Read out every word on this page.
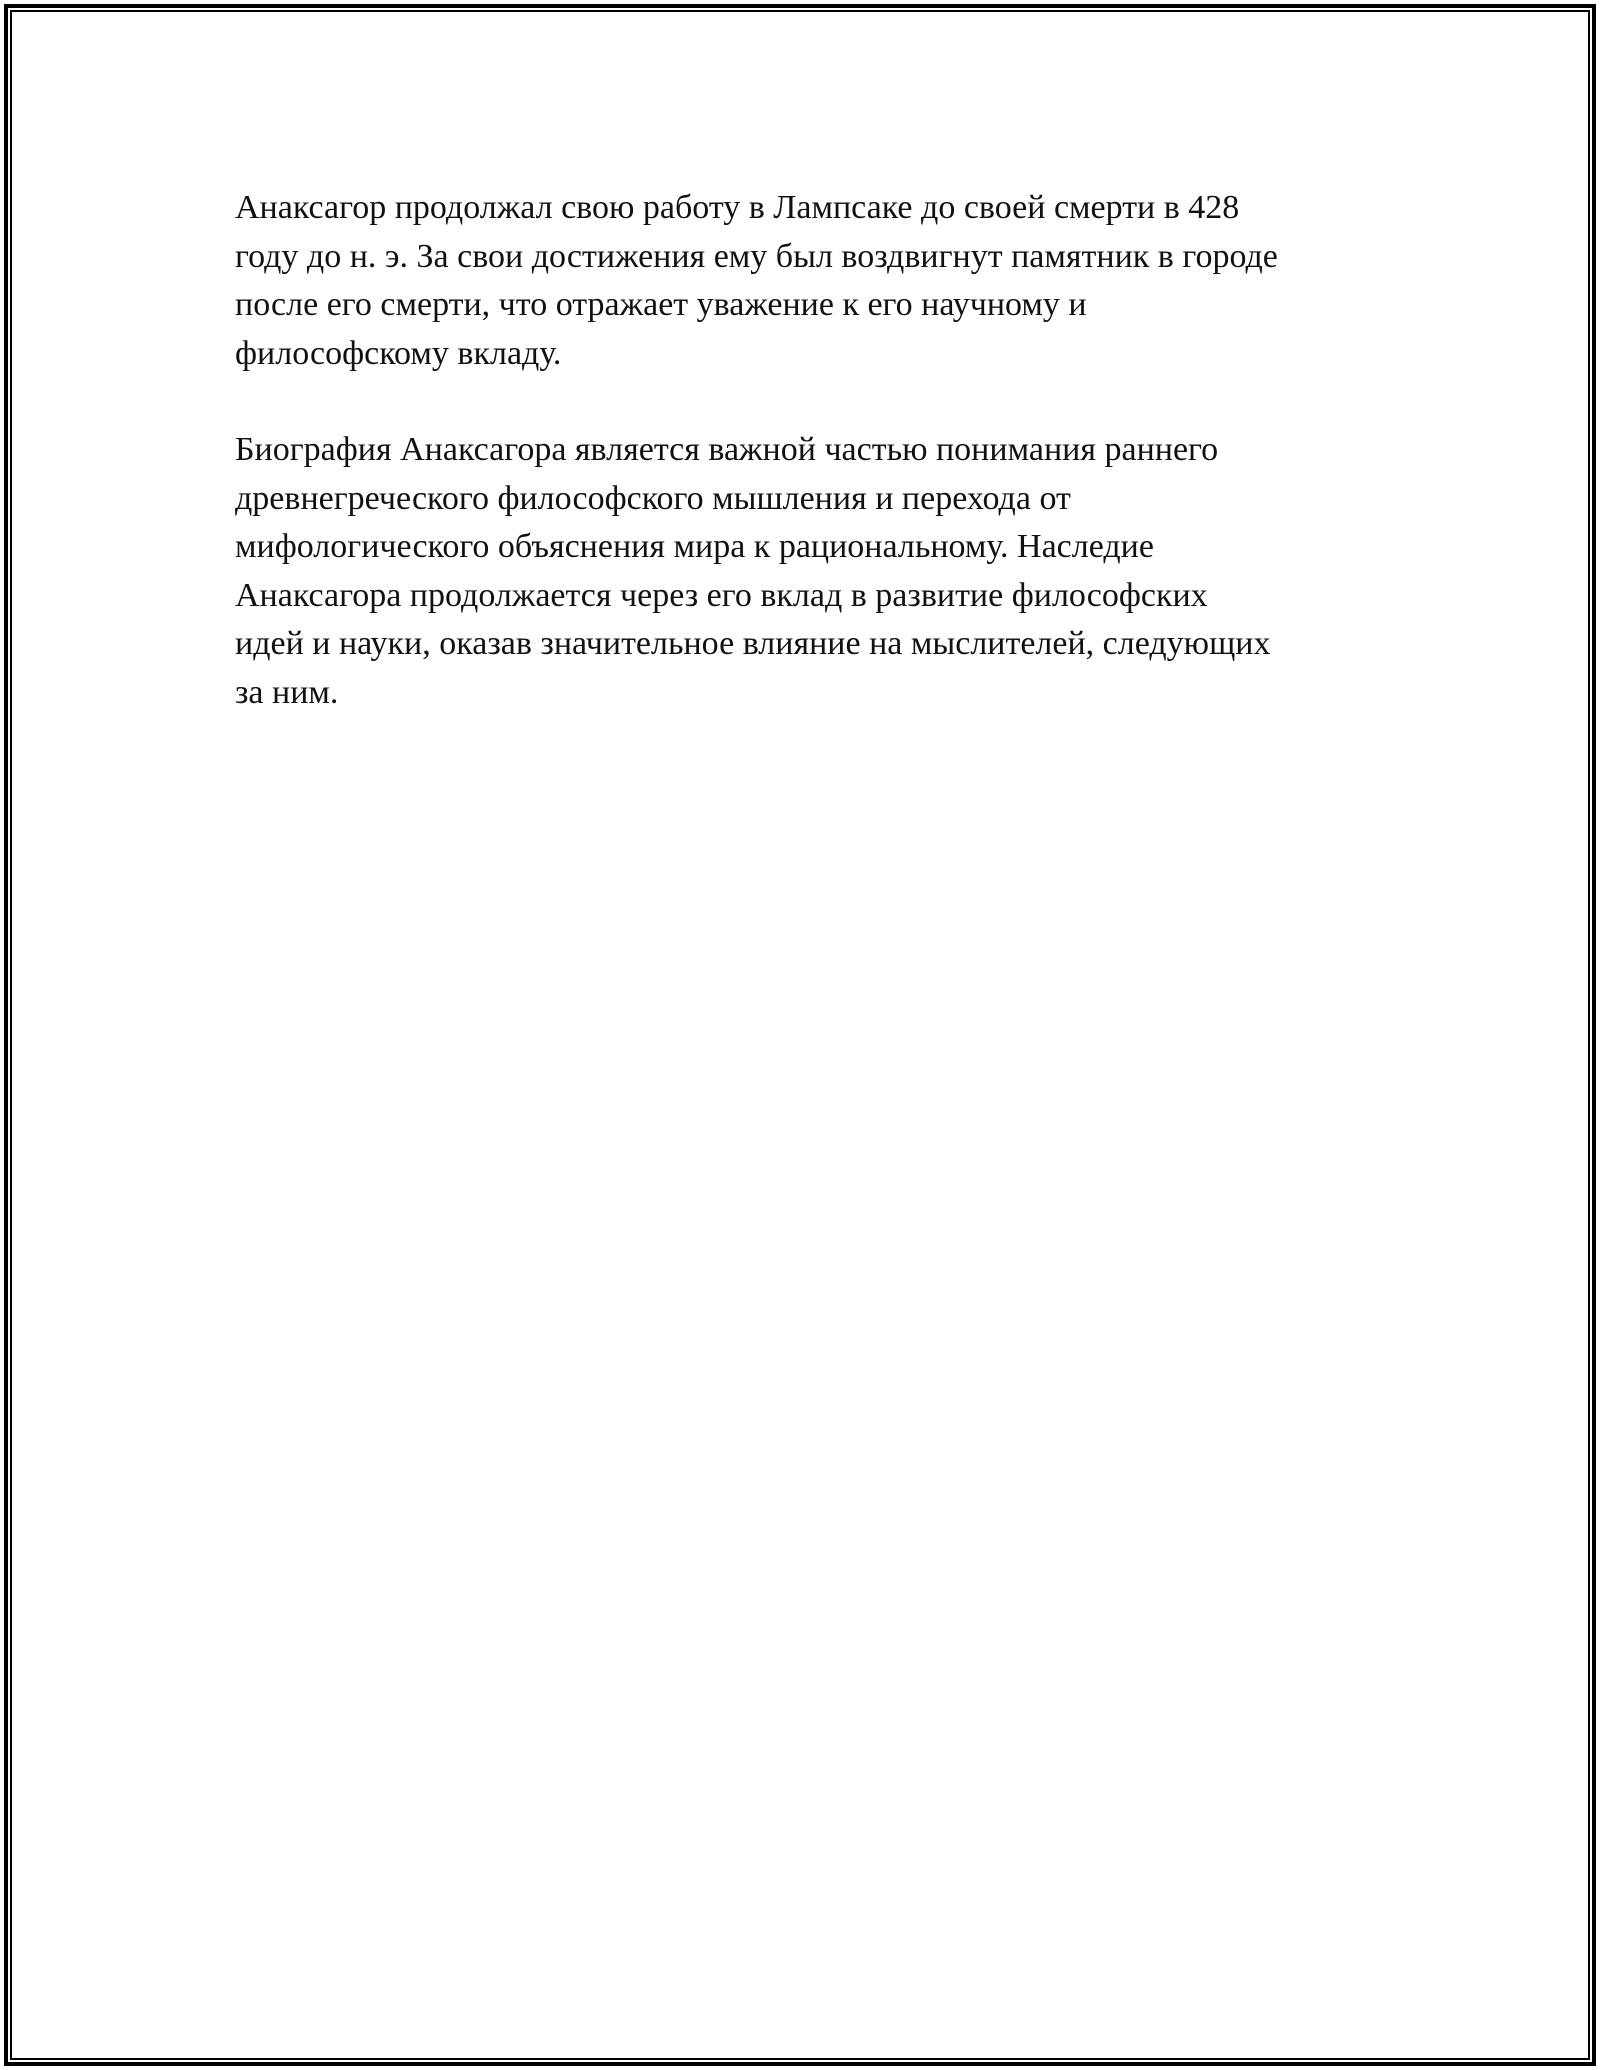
Анаксагор продолжал свою работу в Лампсаке до своей смерти в 428
году до н. э. За свои достижения ему был воздвигнут памятник в городе
после его смерти, что отражает уважение к его научному и
философскому вкладу.

Биография Анаксагора является важной частью понимания раннего
древнегреческого философского мышления и перехода от
мифологического объяснения мира к рациональному. Наследие
Анаксагора продолжается через его вклад в развитие философских
идей и науки, оказав значительное влияние на мыслителей, следующих
за ним.
